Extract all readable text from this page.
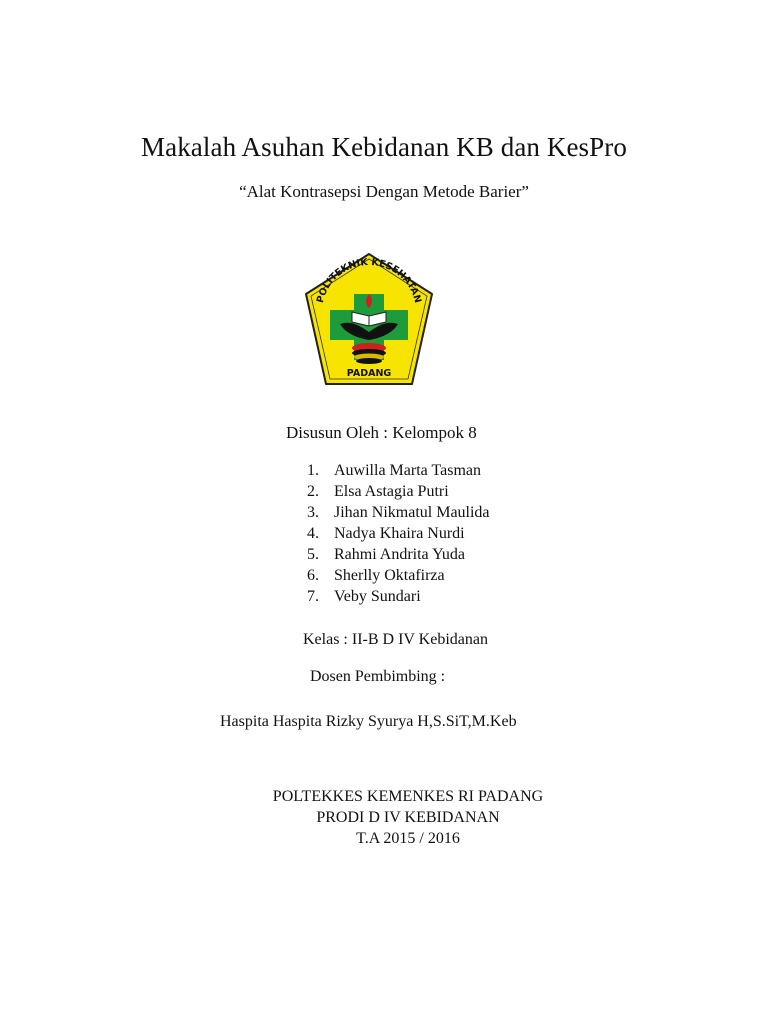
Makalah Asuhan Kebidanan KB dan KesPro
“Alat Kontrasepsi Dengan Metode Barier”
POLITEKNIK KESEHATAN
PADANG
Disusun Oleh : Kelompok 8
1. Auwilla Marta Tasman
2. Elsa Astagia Putri
3. Jihan Nikmatul Maulida
4. Nadya Khaira Nurdi
5. Rahmi Andrita Yuda
6. Sherlly Oktafirza
7. Veby Sundari
Kelas : II-B D IV Kebidanan
Dosen Pembimbing :
Haspita Haspita Rizky Syurya H,S.SiT,M.Keb
POLTEKKES KEMENKES RI PADANG
PRODI D IV KEBIDANAN
T.A 2015 / 2016
